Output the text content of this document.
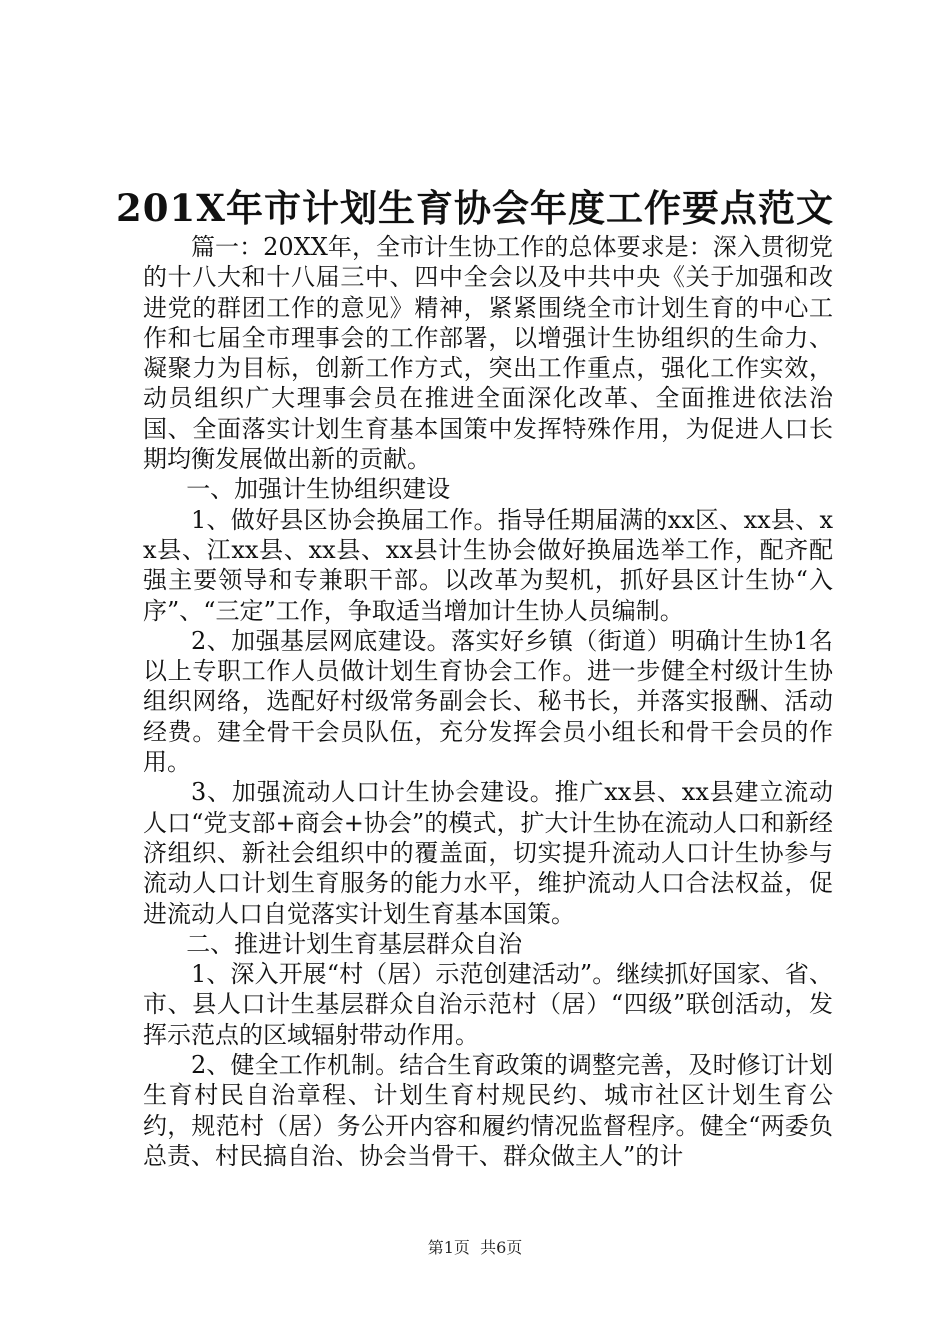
201X年市计划生育协会年度工作要点范文

篇一：20XX年，全市计生协工作的总体要求是：深入贯彻党的十八大和十八届三中、四中全会以及中共中央《关于加强和改进党的群团工作的意见》精神，紧紧围绕全市计划生育的中心工作和七届全市理事会的工作部署，以增强计生协组织的生命力、凝聚力为目标，创新工作方式，突出工作重点，强化工作实效，动员组织广大理事会员在推进全面深化改革、全面推进依法治国、全面落实计划生育基本国策中发挥特殊作用，为促进人口长期均衡发展做出新的贡献。

一、加强计生协组织建设

1、做好县区协会换届工作。指导任期届满的xx区、xx县、xx县、江xx县、xx县、xx县计生协会做好换届选举工作，配齐配强主要领导和专兼职干部。以改革为契机，抓好县区计生协“入序”、“三定”工作，争取适当增加计生协人员编制。

2、加强基层网底建设。落实好乡镇（街道）明确计生协1名以上专职工作人员做计划生育协会工作。进一步健全村级计生协组织网络，选配好村级常务副会长、秘书长，并落实报酬、活动经费。建全骨干会员队伍，充分发挥会员小组长和骨干会员的作用。

3、加强流动人口计生协会建设。推广xx县、xx县建立流动人口“党支部+商会+协会”的模式，扩大计生协在流动人口和新经济组织、新社会组织中的覆盖面，切实提升流动人口计生协参与流动人口计划生育服务的能力水平，维护流动人口合法权益，促进流动人口自觉落实计划生育基本国策。

二、推进计划生育基层群众自治

1、深入开展“村（居）示范创建活动”。继续抓好国家、省、市、县人口计生基层群众自治示范村（居）“四级”联创活动，发挥示范点的区域辐射带动作用。

2、健全工作机制。结合生育政策的调整完善，及时修订计划生育村民自治章程、计划生育村规民约、城市社区计划生育公约，规范村（居）务公开内容和履约情况监督程序。健全“两委负总责、村民搞自治、协会当骨干、群众做主人”的计

第1页 共6页
